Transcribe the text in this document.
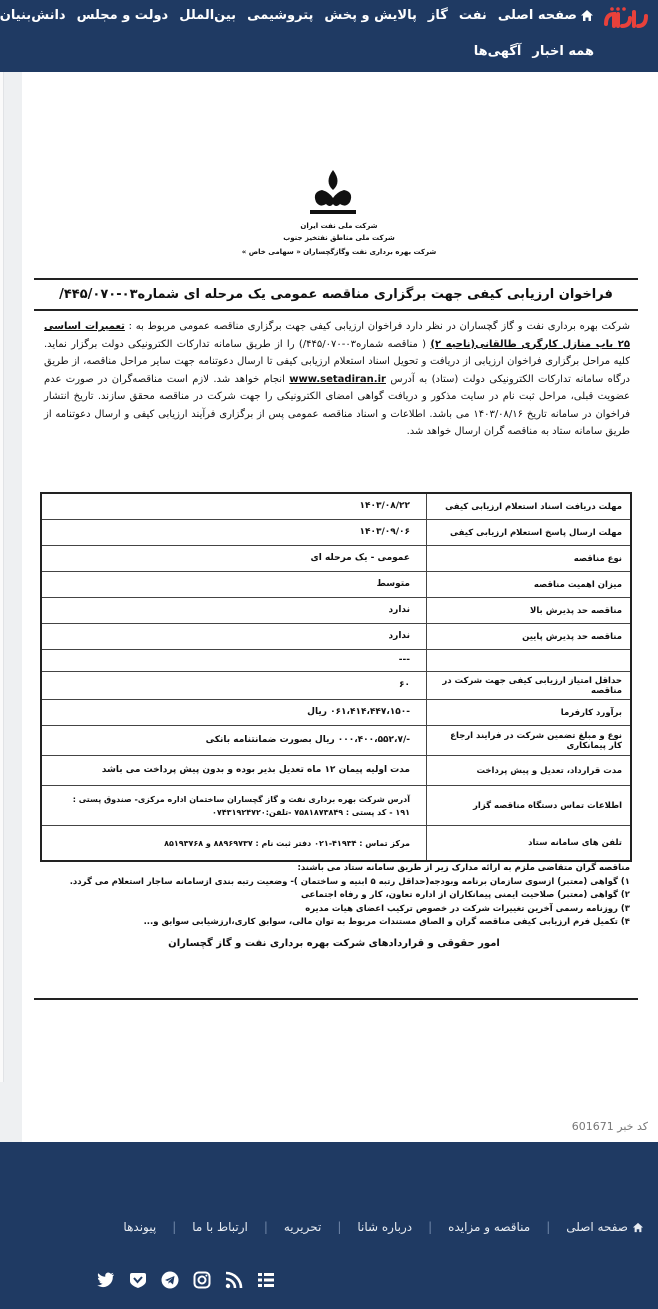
صفحه اصلی
نفت
گاز
پالایش و پخش
پتروشیمی
بین‌الملل
دولت و مجلس
دانش‌بنیان
همه اخبار
آگهی‌ها
شرکت ملی نفت ایران
شرکت ملی مناطق نفتخیز جنوب
شرکت بهره برداری نفت وگازگچساران « سهامی خاص »
فراخوان ارزیابی کیفی جهت برگزاری مناقصه عمومی یک مرحله ای شماره۰۳-۴۴۵/۰۷۰/
شرکت بهره برداری نفت و گاز گچساران در نظر دارد فراخوان ارزیابی کیفی جهت برگزاری مناقصه عمومی مربوط به : تعمیرات اساسی ۲۵ باب منازل کارگری طالقانی(ناحیه ۲) ( مناقصه شماره۰۳-۴۴۵/۰۷۰/) را از طریق سامانه تدارکات الکترونیکی دولت برگزار نماید. کلیه مراحل برگزاری فراخوان ارزیابی از دریافت و تحویل اسناد استعلام ارزیابی کیفی تا ارسال دعوتنامه جهت سایر مراحل مناقصه، از طریق درگاه سامانه تدارکات الکترونیکی دولت (ستاد) به آدرس www.setadiran.ir انجام خواهد شد. لازم است مناقصه‌گران در صورت عدم عضویت قبلی، مراحل ثبت نام در سایت مذکور و دریافت گواهی امضای الکترونیکی را جهت شرکت در مناقصه محقق سازند. تاریخ انتشار فراخوان در سامانه تاریخ ۱۴۰۳/۰۸/۱۶ می باشد. اطلاعات و اسناد مناقصه عمومی پس از برگزاری فرآیند ارزیابی کیفی و ارسال دعوتنامه از طریق سامانه ستاد به مناقصه گران ارسال خواهد شد.
مهلت دریافت اسناد استعلام ارزیابی کیفی
۱۴۰۳/۰۸/۲۲
مهلت ارسال پاسخ استعلام ارزیابی کیفی
۱۴۰۳/۰۹/۰۶
نوع مناقصه
عمومی - یک مرحله ای
میزان اهمیت مناقصه
متوسط
مناقصه حد پذیرش بالا
ندارد
مناقصه حد پذیرش پایین
ندارد
---
حداقل امتیاز ارزیابی کیفی جهت شرکت در مناقصه
۶۰
برآورد کارفرما
-۰۶۱،۴۱۴،۴۴۷،۱۵۰ ریال
نوع و مبلغ تضمین شرکت در فرایند ارجاع کار پیمانکاری
-/۰۰۰،۴۰۰،۵۵۲،۷ ریال بصورت ضمانتنامه بانکی
مدت قرارداد، تعدیل و پیش پرداخت
مدت اولیه پیمان ۱۲ ماه تعدیل بذیر بوده و بدون پیش پرداخت می باشد
اطلاعات تماس دستگاه مناقصه گزار
آدرس شرکت بهره برداری نفت و گاز گچساران ساختمان اداره مرکزی- صندوق پستی : ۱۹۱ - کد پستی : ۷۵۸۱۸۷۳۸۴۹ -تلفن:۰۷۴۳۱۹۲۴۷۲۰
تلفن های سامانه ستاد
مرکز تماس : ۴۱۹۳۴-۰۲۱ دفتر ثبت نام : ۸۸۹۶۹۷۳۷ و ۸۵۱۹۳۷۶۸
مناقصه گران متقاضی ملزم به ارائه مدارک زیر از طریق سامانه ستاد می باشند:
۱) گواهی (معتبر) ازسوی سازمان برنامه وبودجه(حداقل رتبه ۵ ابنیه و ساختمان )- وضعیت رتبه بندی ازسامانه ساجار استعلام می گردد.
۲) گواهی (معتبر) صلاحیت ایمنی پیمانکاران از اداره تعاون، کار و رفاه اجتماعی
۳) روزنامه رسمی آخرین تغییرات شرکت در خصوص ترکیب اعضای هیات مدیره
۴) تکمیل فرم ارزیابی کیفی مناقصه گران و الصاق مستندات مربوط به توان مالی، سوابق کاری،ارزشیابی سوابق و...
امور حقوقی و قراردادهای شرکت بهره برداری نفت و گاز گچساران
کد خبر 601671
صفحه اصلی
|
مناقصه و مزایده
|
درباره شانا
|
تحریریه
|
ارتباط با ما
|
پیوندها
